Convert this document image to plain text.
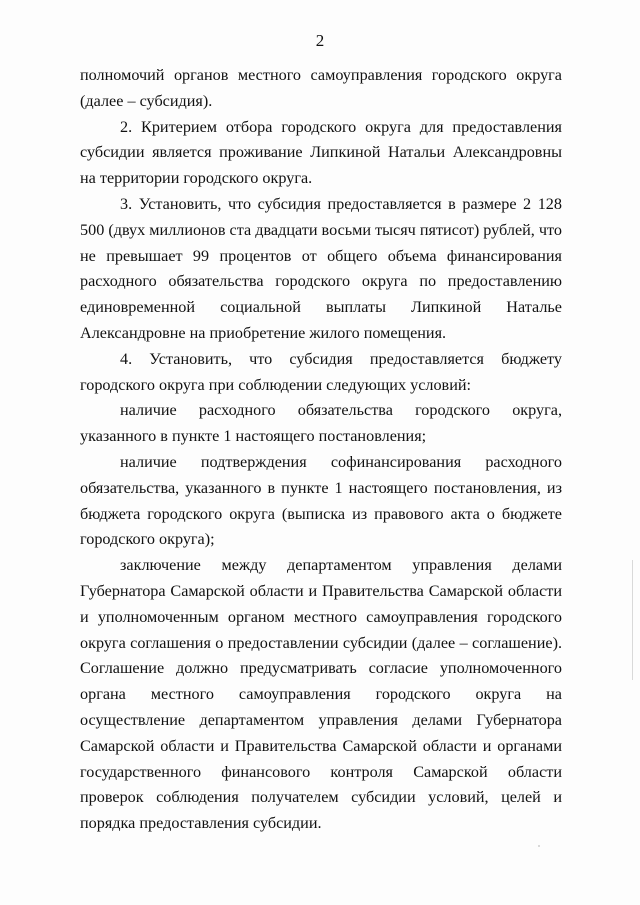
2

полномочий органов местного самоуправления городского округа (далее – субсидия).

2. Критерием отбора городского округа для предоставления субсидии является проживание Липкиной Натальи Александровны на территории городского округа.

3. Установить, что субсидия предоставляется в размере 2 128 500 (двух миллионов ста двадцати восьми тысяч пятисот) рублей, что не превышает 99 процентов от общего объема финансирования расходного обязательства городского округа по предоставлению единовременной социальной выплаты Липкиной Наталье Александровне на приобретение жилого помещения.

4. Установить, что субсидия предоставляется бюджету городского округа при соблюдении следующих условий:

наличие расходного обязательства городского округа, указанного в пункте 1 настоящего постановления;

наличие подтверждения софинансирования расходного обязательства, указанного в пункте 1 настоящего постановления, из бюджета городского округа (выписка из правового акта о бюджете городского округа);

заключение между департаментом управления делами Губернатора Самарской области и Правительства Самарской области и уполномоченным органом местного самоуправления городского округа соглашения о предоставлении субсидии (далее – соглашение). Соглашение должно предусматривать согласие уполномоченного органа местного самоуправления городского округа на осуществление департаментом управления делами Губернатора Самарской области и Правительства Самарской области и органами государственного финансового контроля Самарской области проверок соблюдения получателем субсидии условий, целей и порядка предоставления субсидии.
